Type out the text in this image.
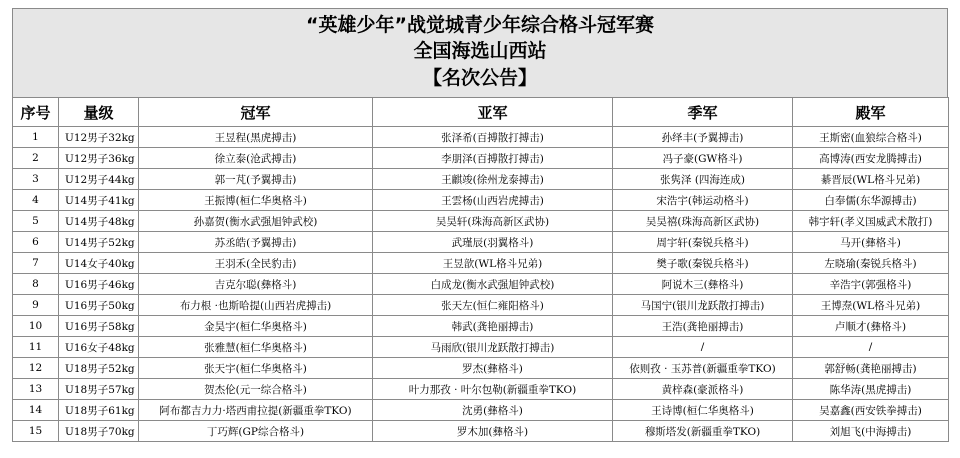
“英雄少年”战觉城青少年综合格斗冠军赛
全国海选山西站
【名次公告】
序号	量级	冠军	亚军	季军	殿军
1	U12男子32kg	王昱程(黑虎搏击)	张泽希(百搏散打搏击)	孙绎丰(予翼搏击)	王斯密(血狼综合格斗)
2	U12男子36kg	徐立泰(沧武搏击)	李朋泽(百搏散打搏击)	冯子豪(GW格斗)	高博涛(西安龙腾搏击)
3	U12男子44kg	郭一芃(予翼搏击)	王麒竣(徐州龙泰搏击)	张隽泽 (四海连成)	綦晋辰(WL格斗兄弟)
4	U14男子41kg	王振博(桓仁华奥格斗)	王雲杨(山西岩虎搏击)	宋浩宇(韩运动格斗)	白奉儒(东华源搏击)
5	U14男子48kg	孙嘉贺(衡水武强旭钟武校)	吴昊轩(珠海高新区武协)	吴昊禧(珠海高新区武协)	韩宇轩(孝义国威武术散打)
6	U14男子52kg	苏丞皓(予翼搏击)	武瑾辰(羽翼格斗)	周宇轩(秦锐兵格斗)	马开(彝格斗)
7	U14女子40kg	王羽禾(全民豹击)	王昱歆(WL格斗兄弟)	樊子歌(秦锐兵格斗)	左晓瑜(秦锐兵格斗)
8	U16男子46kg	吉克尔聪(彝格斗)	白成龙(衡水武强旭钟武校)	阿说木三(彝格斗)	辛浩宇(郭强格斗)
9	U16男子50kg	布力根 ·也斯哈提(山西岩虎搏击)	张天左(恒仁雍阳格斗)	马国宁(银川龙跃散打搏击)	王博焘(WL格斗兄弟)
10	U16男子58kg	金昊宇(桓仁华奥格斗)	韩武(龚艳丽搏击)	王浩(龚艳丽搏击)	卢顺才(彝格斗)
11	U16女子48kg	张雅慧(桓仁华奥格斗)	马雨欣(银川龙跃散打搏击)	/	/
12	U18男子52kg	张天宇(桓仁华奥格斗)	罗杰(彝格斗)	依则孜 · 玉苏普(新疆重拳TKO)	郭舒畅(龚艳丽搏击)
13	U18男子57kg	贺杰伦(元一综合格斗)	叶力那孜 · 叶尔包勒(新疆重拳TKO)	黄梓森(豪派格斗)	陈华涛(黑虎搏击)
14	U18男子61kg	阿布都吉力力·塔西甫拉提(新疆重拳TKO)	沈勇(彝格斗)	王诗博(桓仁华奥格斗)	吴嘉鑫(西安铁拳搏击)
15	U18男子70kg	丁巧辉(GP综合格斗)	罗木加(彝格斗)	穆斯塔发(新疆重拳TKO)	刘旭飞(中海搏击)
